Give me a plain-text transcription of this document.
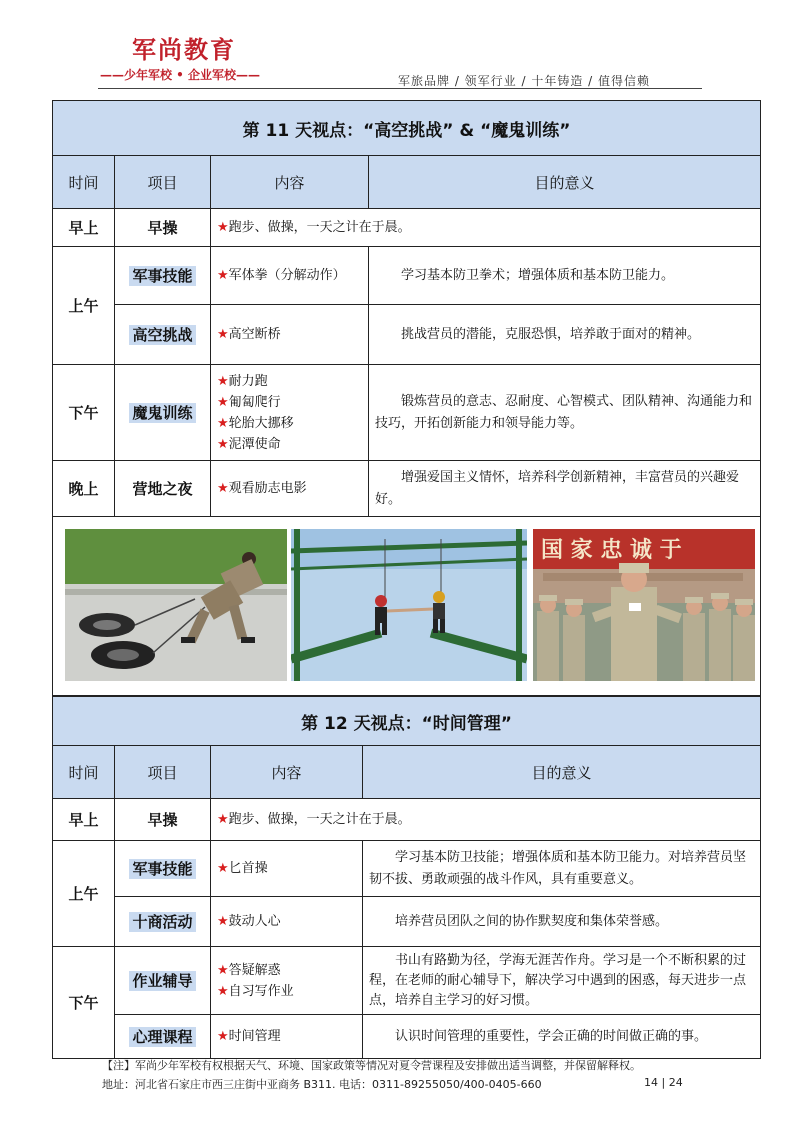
军尚教育
——少年军校 • 企业军校——	军旅品牌 / 领军行业 / 十年铸造 / 值得信赖
第 11 天视点：“高空挑战” & “魔鬼训练”			
时间	项目	内容	目的意义
早上	早操	★跑步、做操，一天之计在于晨。	
上午	军事技能	★军体拳（分解动作）	学习基本防卫拳术；增强体质和基本防卫能力。
	高空挑战	★高空断桥	挑战营员的潜能，克服恐惧，培养敢于面对的精神。
下午	魔鬼训练	★耐力跑
★匍匐爬行
★轮胎大挪移
★泥潭使命	锻炼营员的意志、忍耐度、心智模式、团队精神、沟通能力和技巧，开拓创新能力和领导能力等。
晚上	营地之夜	★观看励志电影	增强爱国主义情怀，培养科学创新精神，丰富营员的兴趣爱好。

国 家 忠 诚 于			
第 12 天视点：“时间管理”			
时间	项目	内容	目的意义
早上	早操	★跑步、做操，一天之计在于晨。	
上午	军事技能	★匕首操	学习基本防卫技能；增强体质和基本防卫能力。对培养营员坚韧不拔、勇敢顽强的战斗作风，具有重要意义。
	十商活动	★鼓动人心	培养营员团队之间的协作默契度和集体荣誉感。
下午	作业辅导	★答疑解惑
★自习写作业	书山有路勤为径，学海无涯苦作舟。学习是一个不断积累的过程，在老师的耐心辅导下，解决学习中遇到的困惑，每天进步一点点，培养自主学习的好习惯。
	心理课程	★时间管理	认识时间管理的重要性，学会正确的时间做正确的事。
【注】军尚少年军校有权根据天气、环境、国家政策等情况对夏令营课程及安排做出适当调整，并保留解释权。
地址：河北省石家庄市西三庄街中亚商务 B311. 电话：0311-89255050/400-0405-660	14 | 24
